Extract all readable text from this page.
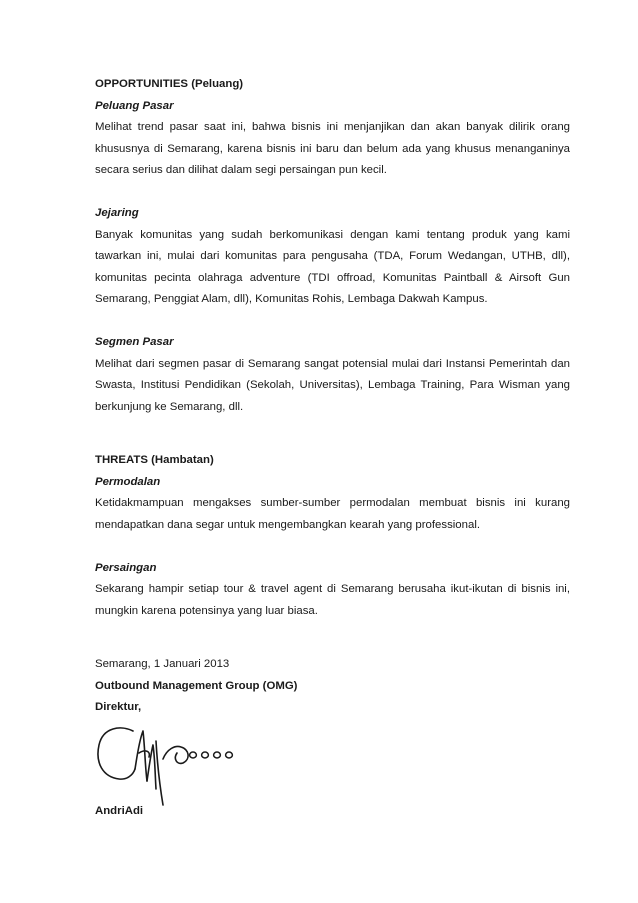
OPPORTUNITIES (Peluang)

Peluang Pasar

Melihat trend pasar saat ini, bahwa bisnis ini menjanjikan dan akan banyak dilirik orang khususnya di Semarang, karena bisnis ini baru dan belum ada yang khusus menanganinya secara serius dan dilihat dalam segi persaingan pun kecil.

Jejaring

Banyak komunitas yang sudah berkomunikasi dengan kami tentang produk yang kami tawarkan ini, mulai dari komunitas para pengusaha (TDA, Forum Wedangan, UTHB, dll), komunitas pecinta olahraga adventure (TDI offroad, Komunitas Paintball & Airsoft Gun Semarang, Penggiat Alam, dll), Komunitas Rohis, Lembaga Dakwah Kampus.

Segmen Pasar

Melihat dari segmen pasar di Semarang sangat potensial mulai dari Instansi Pemerintah dan Swasta, Institusi Pendidikan (Sekolah, Universitas), Lembaga Training, Para Wisman yang berkunjung ke Semarang, dll.

THREATS (Hambatan)

Permodalan

Ketidakmampuan mengakses sumber-sumber permodalan membuat bisnis ini kurang mendapatkan dana segar untuk mengembangkan kearah yang professional.

Persaingan

Sekarang hampir setiap tour & travel agent di Semarang berusaha ikut-ikutan di bisnis ini, mungkin karena potensinya yang luar biasa.

Semarang, 1 Januari 2013

Outbound Management Group (OMG)

Direktur,

AndriAdi
